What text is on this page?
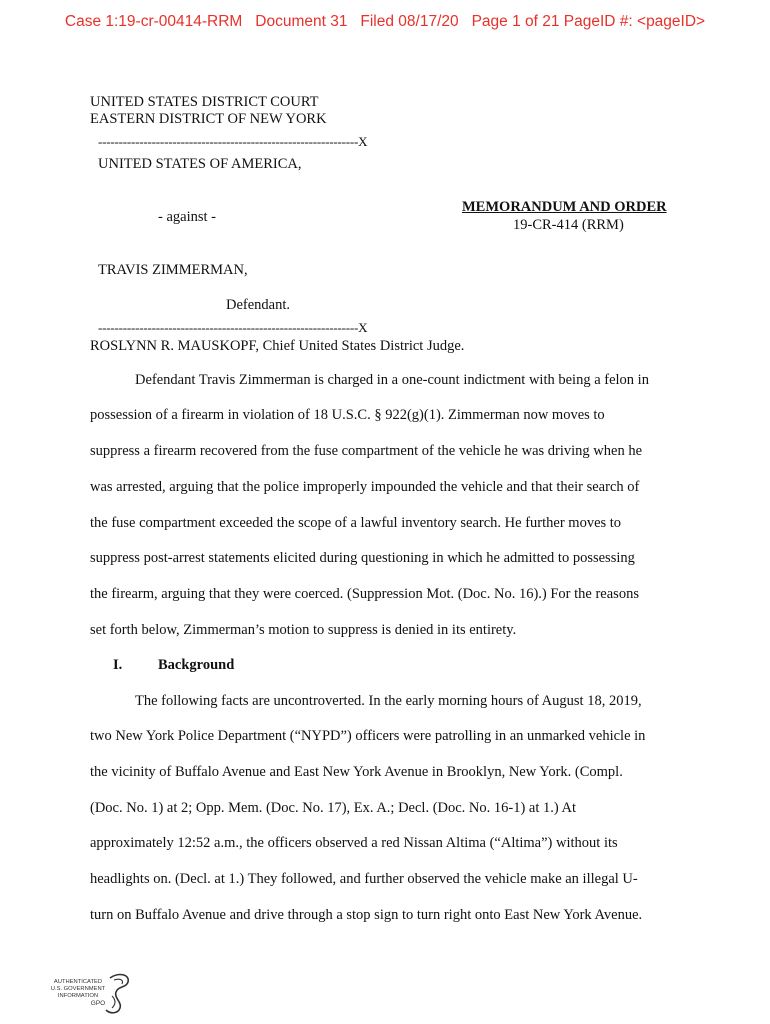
Case 1:19-cr-00414-RRM Document 31 Filed 08/17/20 Page 1 of 21 PageID #: <pageID>
UNITED STATES DISTRICT COURT
EASTERN DISTRICT OF NEW YORK
---------------------------------------------------------------X
UNITED STATES OF AMERICA,
- against -
MEMORANDUM AND ORDER
19-CR-414 (RRM)
TRAVIS ZIMMERMAN,
Defendant.
---------------------------------------------------------------X
ROSLYNN R. MAUSKOPF, Chief United States District Judge.
Defendant Travis Zimmerman is charged in a one-count indictment with being a felon in
possession of a firearm in violation of 18 U.S.C. § 922(g)(1). Zimmerman now moves to
suppress a firearm recovered from the fuse compartment of the vehicle he was driving when he
was arrested, arguing that the police improperly impounded the vehicle and that their search of
the fuse compartment exceeded the scope of a lawful inventory search. He further moves to
suppress post-arrest statements elicited during questioning in which he admitted to possessing
the firearm, arguing that they were coerced. (Suppression Mot. (Doc. No. 16).) For the reasons
set forth below, Zimmerman’s motion to suppress is denied in its entirety.
I. Background
The following facts are uncontroverted. In the early morning hours of August 18, 2019,
two New York Police Department (“NYPD”) officers were patrolling in an unmarked vehicle in
the vicinity of Buffalo Avenue and East New York Avenue in Brooklyn, New York. (Compl.
(Doc. No. 1) at 2; Opp. Mem. (Doc. No. 17), Ex. A.; Decl. (Doc. No. 16-1) at 1.) At
approximately 12:52 a.m., the officers observed a red Nissan Altima (“Altima”) without its
headlights on. (Decl. at 1.) They followed, and further observed the vehicle make an illegal U-
turn on Buffalo Avenue and drive through a stop sign to turn right onto East New York Avenue.
AUTHENTICATED
U.S. GOVERNMENT
INFORMATION
GPO
